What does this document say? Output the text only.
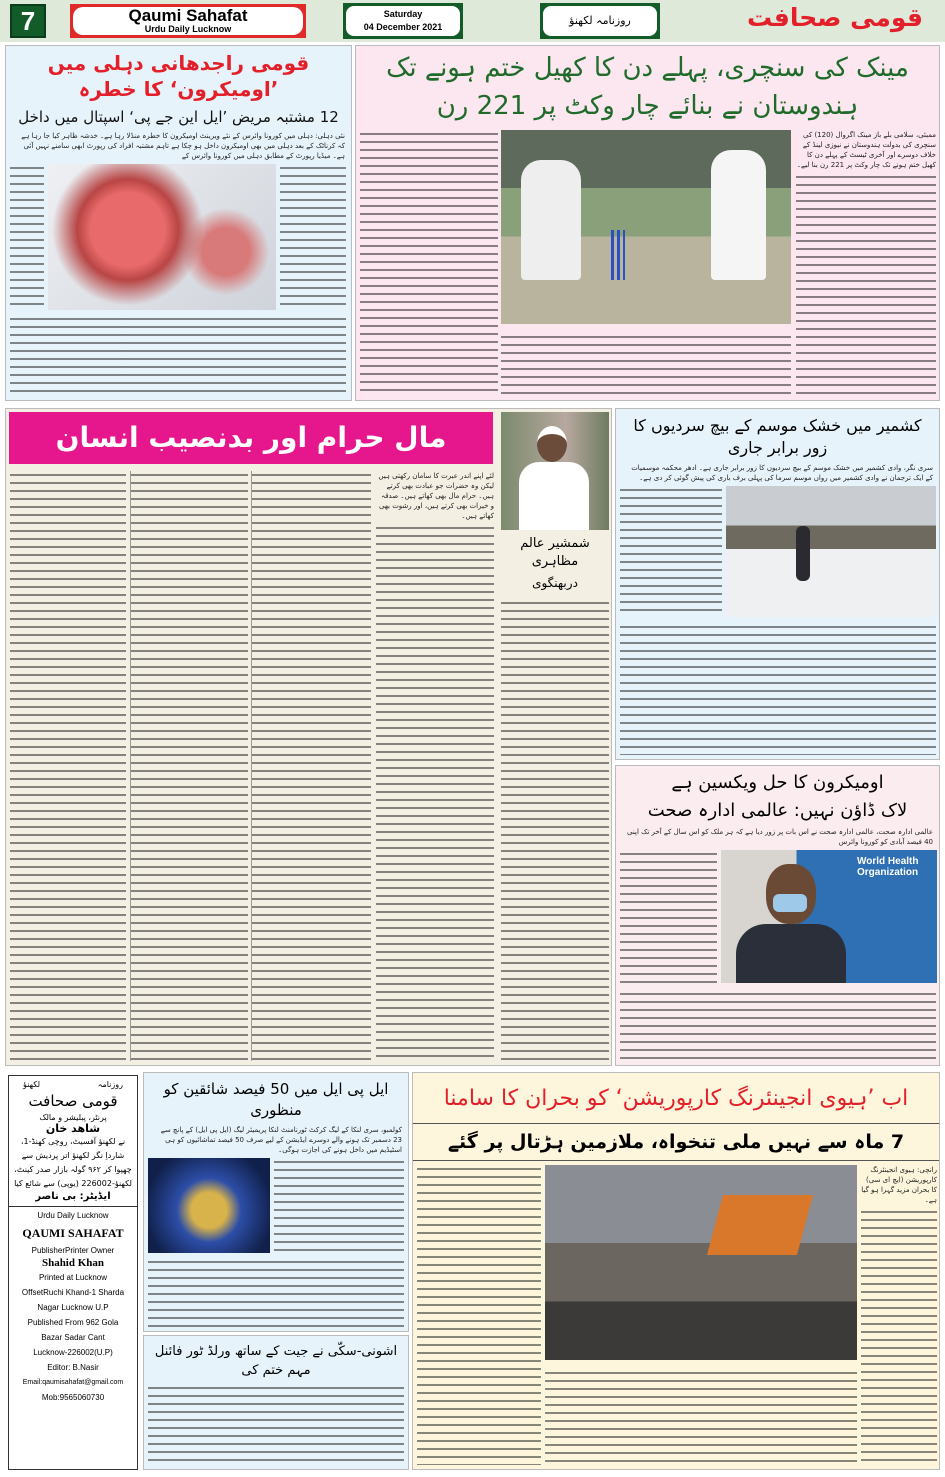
7	Qaumi Sahafat
Urdu Daily Lucknow
Saturday
04 December 2021	روزنامہ لکھنؤ	قومی صحافت
قومی راجدھانی دہلی میں ’اومیکرون‘ کا خطرہ
12 مشتبہ مریض ’ایل این جے پی‘ اسپتال میں داخل
نئی دہلی: دہلی میں کورونا وائرس کے نئے ویرینٹ اومیکرون کا خطرہ منڈلا رہا ہے۔ خدشہ ظاہر کیا جا رہا ہے کہ کرناٹک کے بعد دہلی میں بھی اومیکرون داخل ہو چکا ہے تاہم مشتبہ افراد کی رپورٹ ابھی سامنے نہیں آئی ہے۔ میڈیا رپورٹ کے مطابق دہلی میں کورونا وائرس کے
مینک کی سنچری، پہلے دن کا کھیل ختم ہونے تک
ہندوستان نے بنائے چار وکٹ پر 221 رن
ممبئی، سلامی بلے باز مینک اگروال (120) کی سنچری کی بدولت ہندوستان نے نیوزی لینڈ کے خلاف دوسرے اور آخری ٹیسٹ کے پہلے دن کا کھیل ختم ہونے تک چار وکٹ پر 221 رن بنا لیے۔
مال حرام اور بدنصیب انسان
شمشیر عالم مظاہری
دربھنگوی
لئے اپنے اندر عبرت کا سامان رکھتی ہیں لیکن وہ حضرات جو عبادت بھی کرتے ہیں۔ حرام مال بھی کھاتے ہیں۔ صدقہ و خیرات بھی کرتے ہیں، اور رشوت بھی کھاتے ہیں۔
کشمیر میں خشک موسم کے بیچ سردیوں کا زور برابر جاری
سری نگر، وادی کشمیر میں خشک موسم کے بیچ سردیوں کا زور برابر جاری ہے۔ ادھر محکمہ موسمیات کے ایک ترجمان نے وادی کشمیر میں رواں موسم سرما کی پہلی برف باری کی پیش گوئی کر دی ہے۔
اومیکرون کا حل ویکسین ہے
لاک ڈاؤن نہیں: عالمی ادارہ صحت
عالمی ادارہ صحت، عالمی ادارہ صحت نے اس بات پر زور دیا ہے کہ ہر ملک کو اس سال کے آخر تک اپنی 40 فیصد آبادی کو کورونا وائرس
World Health Organization
روزنامہ
لکھنؤ
قومی صحافت
پرنٹر، پبلیشر و مالک
شاھد خان
نے لکھنؤ آفسیٹ، روچی کھنڈ-1، شارداِ نگر لکھنؤ اتر پردیش سے چھپوا کر ۹۶۲ گولہ بازار صدر کینٹ، لکھنؤ-226002 (یوپی) سے شائع کیا
ایڈیٹر: بی ناصر
Urdu Daily Lucknow
QAUMI SAHAFAT
PublisherPrinter Owner
Shahid Khan
Printed at Lucknow
OffsetRuchi Khand-1 Sharda
Nagar Lucknow U.P
Published From 962 Gola
Bazar Sadar Cant
Lucknow-226002(U.P)
Editor: B.Nasir
Email:qaumisahafat@gmail.com
Mob:9565060730
ایل پی ایل میں 50 فیصد شائقین کو منظوری
کولمبو، سری لنکا کے لیگ کرکٹ ٹورنامنٹ لنکا پریمیئر لیگ (ایل پی ایل) کے پانچ سے 23 دسمبر تک ہونے والے دوسرے ایڈیشن کے لیے صرف 50 فیصد تماشائیوں کو ہی اسٹیڈیم میں داخل ہونے کی اجازت ہوگی۔
اشونی-سکّی نے جیت کے ساتھ ورلڈ ٹور فائنل مہم ختم کی
اب ’ہیوی انجینئرنگ کارپوریشن‘ کو بحران کا سامنا
7 ماہ سے نہیں ملی تنخواہ، ملازمین ہڑتال پر گئے
رانچی: ہیوی انجینئرنگ کارپوریشن (ایچ ای سی) کا بحران مزید گہرا ہو گیا ہے۔
